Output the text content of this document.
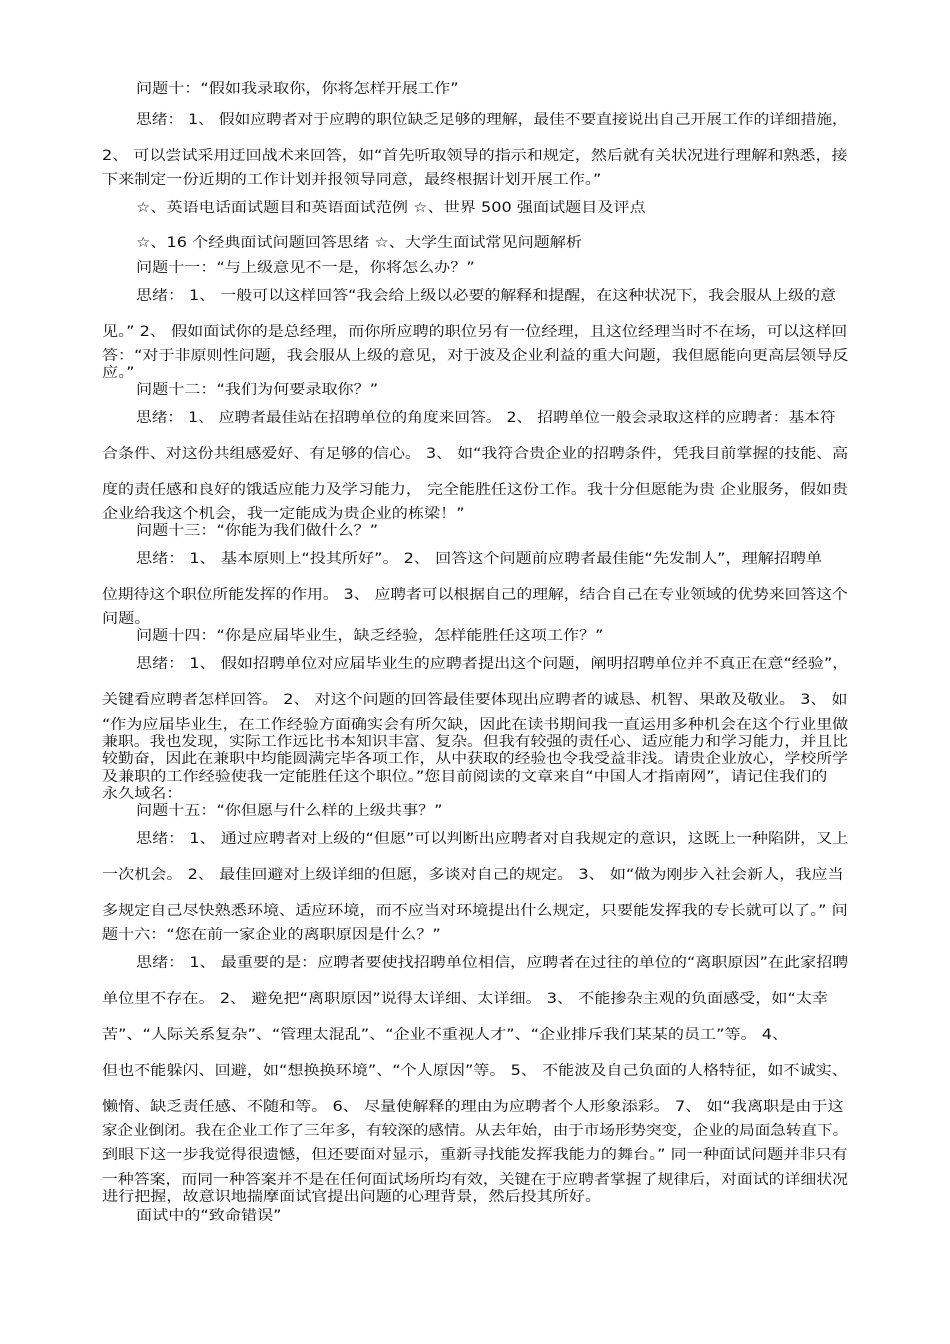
问题十：“假如我录取你，你将怎样开展工作”
思绪： 1、 假如应聘者对于应聘的职位缺乏足够的理解，最佳不要直接说出自己开展工作的详细措施，
2、 可以尝试采用迂回战术来回答，如“首先听取领导的指示和规定，然后就有关状况进行理解和熟悉，接
下来制定一份近期的工作计划并报领导同意，最终根据计划开展工作。”
☆、英语电话面试题目和英语面试范例 ☆、世界 500 强面试题目及评点
☆、16 个经典面试问题回答思绪 ☆、大学生面试常见问题解析
问题十一：“与上级意见不一是，你将怎么办？”
思绪： 1、 一般可以这样回答“我会给上级以必要的解释和提醒，在这种状况下，我会服从上级的意
见。” 2、 假如面试你的是总经理，而你所应聘的职位另有一位经理，且这位经理当时不在场，可以这样回
答：“对于非原则性问题，我会服从上级的意见，对于波及企业利益的重大问题，我但愿能向更高层领导反
应。”
问题十二：“我们为何要录取你？”
思绪： 1、 应聘者最佳站在招聘单位的角度来回答。 2、 招聘单位一般会录取这样的应聘者：基本符
合条件、对这份共组感爱好、有足够的信心。 3、 如“我符合贵企业的招聘条件，凭我目前掌握的技能、高
度的责任感和良好的饿适应能力及学习能力， 完全能胜任这份工作。我十分但愿能为贵 企业服务，假如贵
企业给我这个机会，我一定能成为贵企业的栋梁！”
问题十三：“你能为我们做什么？”
思绪： 1、 基本原则上“投其所好”。 2、 回答这个问题前应聘者最佳能“先发制人”，理解招聘单
位期待这个职位所能发挥的作用。 3、 应聘者可以根据自己的理解，结合自己在专业领域的优势来回答这个
问题。
问题十四：“你是应届毕业生，缺乏经验，怎样能胜任这项工作？”
思绪： 1、 假如招聘单位对应届毕业生的应聘者提出这个问题，阐明招聘单位并不真正在意“经验”，
关键看应聘者怎样回答。 2、 对这个问题的回答最佳要体现出应聘者的诚恳、机智、果敢及敬业。 3、 如
“作为应届毕业生，在工作经验方面确实会有所欠缺，因此在读书期间我一直运用多种机会在这个行业里做
兼职。我也发现，实际工作远比书本知识丰富、复杂。但我有较强的责任心、适应能力和学习能力，并且比
较勤奋，因此在兼职中均能圆满完毕各项工作，从中获取的经验也令我受益非浅。请贵企业放心，学校所学
及兼职的工作经验使我一定能胜任这个职位。”您目前阅读的文章来自“中国人才指南网”，请记住我们的
永久域名：
问题十五：“你但愿与什么样的上级共事？”
思绪： 1、 通过应聘者对上级的“但愿”可以判断出应聘者对自我规定的意识，这既上一种陷阱，又上
一次机会。 2、 最佳回避对上级详细的但愿，多谈对自己的规定。 3、 如“做为刚步入社会新人，我应当
多规定自己尽快熟悉环境、适应环境，而不应当对环境提出什么规定，只要能发挥我的专长就可以了。” 问
题十六：“您在前一家企业的离职原因是什么？”
思绪： 1、 最重要的是：应聘者要使找招聘单位相信，应聘者在过往的单位的“离职原因”在此家招聘
单位里不存在。 2、 避免把“离职原因”说得太详细、太详细。 3、 不能掺杂主观的负面感受，如“太幸
苦”、“人际关系复杂”、“管理太混乱”、“企业不重视人才”、“企业排斥我们某某的员工”等。 4、
但也不能躲闪、回避，如“想换换环境”、“个人原因”等。 5、 不能波及自己负面的人格特征，如不诚实、
懒惰、缺乏责任感、不随和等。 6、 尽量使解释的理由为应聘者个人形象添彩。 7、 如“我离职是由于这
家企业倒闭。我在企业工作了三年多，有较深的感情。从去年始，由于市场形势突变，企业的局面急转直下。
到眼下这一步我觉得很遗憾，但还要面对显示，重新寻找能发挥我能力的舞台。” 同一种面试问题并非只有
一种答案，而同一种答案并不是在任何面试场所均有效，关键在于应聘者掌握了规律后，对面试的详细状况
进行把握，故意识地揣摩面试官提出问题的心理背景，然后投其所好。
面试中的“致命错误”
